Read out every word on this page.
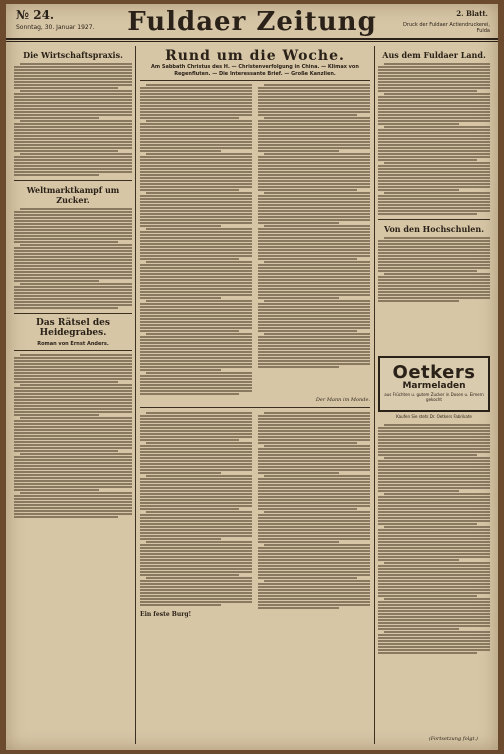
№ 24.
Sonntag, 30. Januar 1927.	Fuldaer Zeitung	2. Blatt.
Druck der Fuldaer Actiendruckerei, Fulda
Die Wirtschaftspraxis.
Weltmarktkampf um Zucker.
Das Rätsel des Heidegrabes.
Roman von Ernst Anders.
Rund um die Woche.
Am Sabbath Christus des H. — Christenverfolgung in China. — Klimax von Regenfluten. — Die Interessante Brief. — Große Kanzlien.
Der Mann im Monde.
Ein feste Burg!
Aus dem Fuldaer Land.
Von den Hochschulen.
Oetkers
Marmeladen
aus Früchten u. gutem Zucker in Dosen u. Eimern gekocht
Kaufen Sie stets Dr. Oetkers Fabrikate
(Fortsetzung folgt.)
